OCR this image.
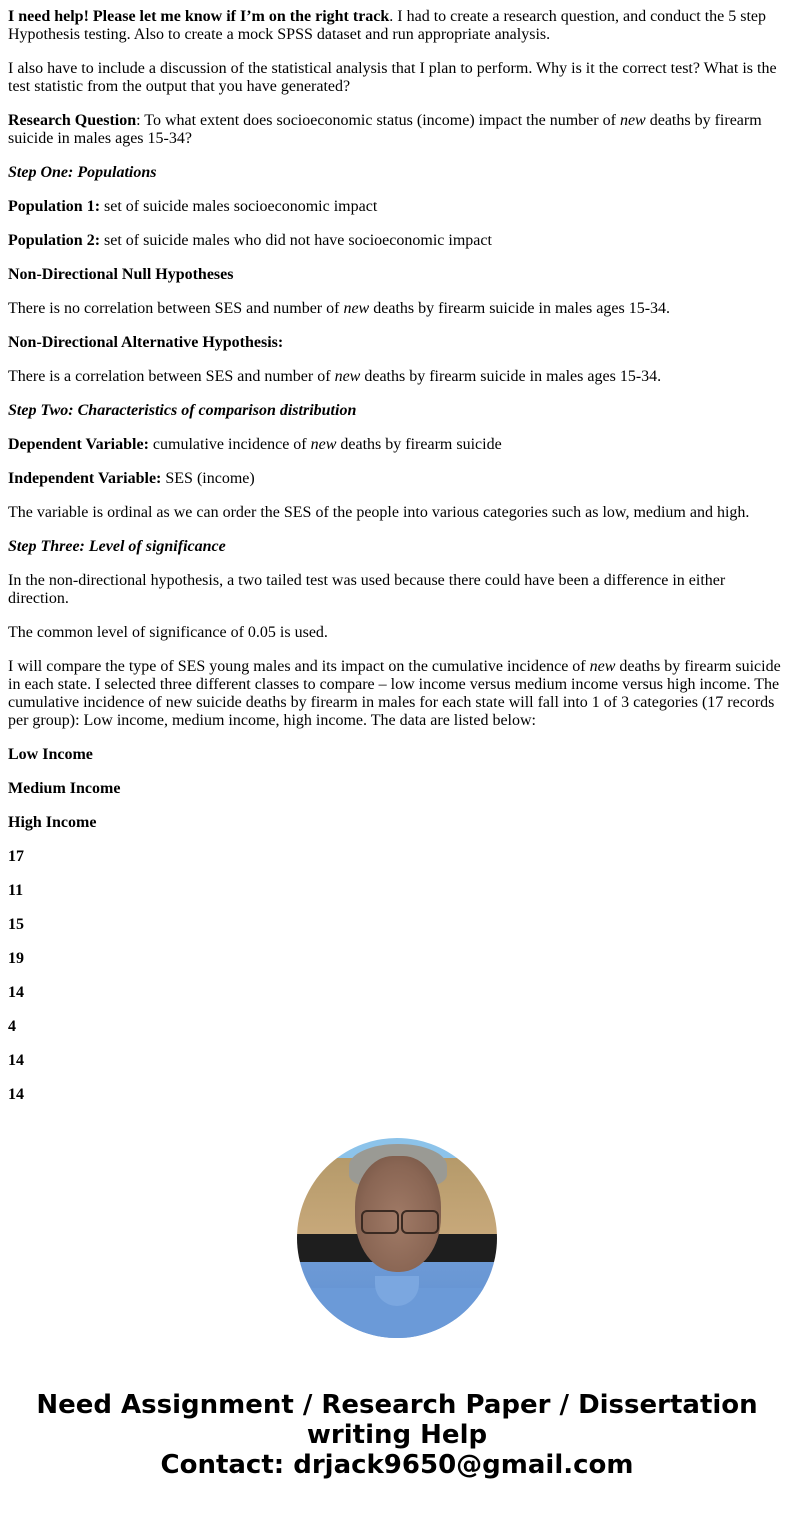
I need help! Please let me know if I’m on the right track. I had to create a research question, and conduct the 5 step Hypothesis testing. Also to create a mock SPSS dataset and run appropriate analysis.

I also have to include a discussion of the statistical analysis that I plan to perform. Why is it the correct test? What is the test statistic from the output that you have generated?

Research Question: To what extent does socioeconomic status (income) impact the number of new deaths by firearm suicide in males ages 15-34?

Step One: Populations

Population 1: set of suicide males socioeconomic impact

Population 2: set of suicide males who did not have socioeconomic impact

Non-Directional Null Hypotheses

There is no correlation between SES and number of new deaths by firearm suicide in males ages 15-34.

Non-Directional Alternative Hypothesis:

There is a correlation between SES and number of new deaths by firearm suicide in males ages 15-34.

Step Two: Characteristics of comparison distribution

Dependent Variable: cumulative incidence of new deaths by firearm suicide

Independent Variable: SES (income)

The variable is ordinal as we can order the SES of the people into various categories such as low, medium and high.

Step Three: Level of significance

In the non-directional hypothesis, a two tailed test was used because there could have been a difference in either direction.

The common level of significance of 0.05 is used.

I will compare the type of SES young males and its impact on the cumulative incidence of new deaths by firearm suicide in each state. I selected three different classes to compare – low income versus medium income versus high income. The cumulative incidence of new suicide deaths by firearm in males for each state will fall into 1 of 3 categories (17 records per group): Low income, medium income, high income. The data are listed below:

Low Income

Medium Income

High Income

17

11

15

19

14

4

14

14

Need Assignment / Research Paper / Dissertation writing Help
Contact: drjack9650@gmail.com
